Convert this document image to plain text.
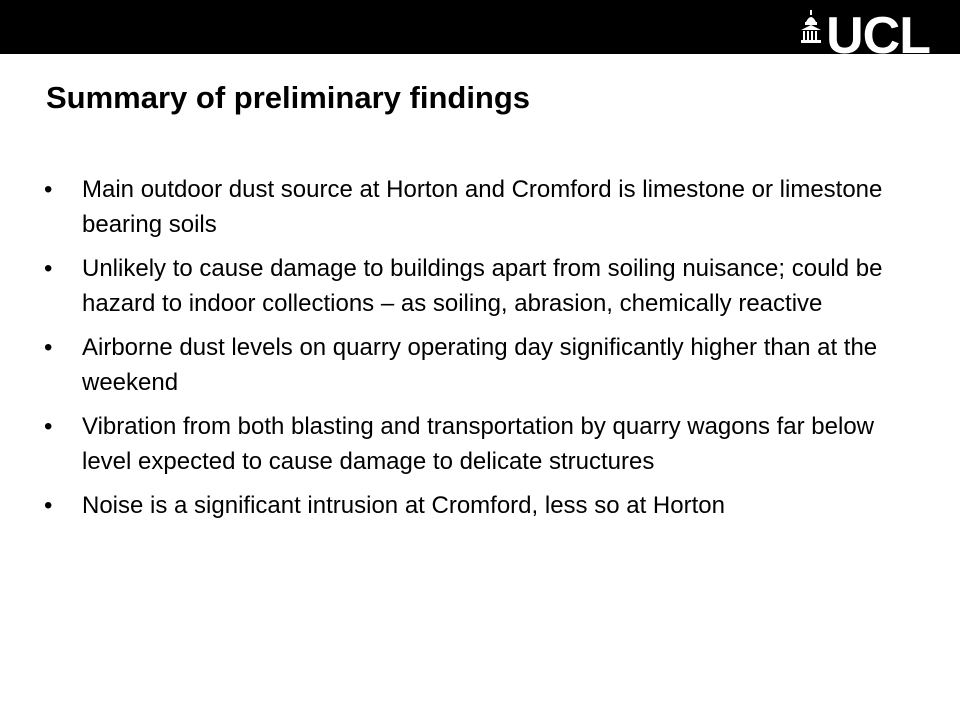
UCL
Summary of preliminary findings
• Main outdoor dust source at Horton and Cromford is limestone or limestone bearing soils
• Unlikely to cause damage to buildings apart from soiling nuisance; could be hazard to indoor collections – as soiling, abrasion, chemically reactive
• Airborne dust levels on quarry operating day significantly higher than at the weekend
• Vibration from both blasting and transportation by quarry wagons far below level expected to cause damage to delicate structures
• Noise is a significant intrusion at Cromford, less so at Horton
